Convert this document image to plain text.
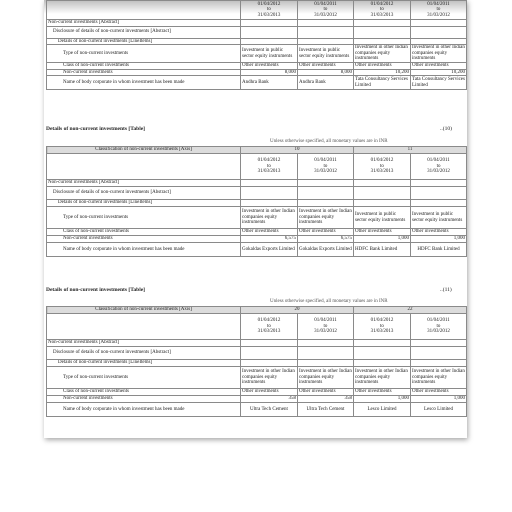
	01/04/2012
to
31/03/2013	01/04/2011
to
31/03/2012	01/04/2012
to
31/03/2013	01/04/2011
to
31/03/2012
Non-current investments [Abstract]				
Disclosure of details of non-current investments [Abstract]				
Details of non-current investments [LineItems]				
Type of non-current investments	Investment in public sector equity instruments	Investment in public sector equity instruments	Investment in other Indian companies equity instruments	Investment in other Indian companies equity instruments
Class of non-current investments	Other investments	Other investments	Other investments	Other investments
Non-current investments	8,000	8,000	10,200	10,200
Name of body corporate in whom investment has been made	Andhra Bank	Andhra Bank	Tata Consultancy Services Limited	Tata Consultancy Services Limited
Details of non-current investments [Table]	..(10)
Unless otherwise specified, all monetary values are in INR
Classification of non-current investments [Axis]	10		11	
	01/04/2012
to
31/03/2013	01/04/2011
to
31/03/2012	01/04/2012
to
31/03/2013	01/04/2011
to
31/03/2012
Non-current investments [Abstract]				
Disclosure of details of non-current investments [Abstract]				
Details of non-current investments [LineItems]				
Type of non-current investments	Investment in other Indian companies equity instruments	Investment in other Indian companies equity instruments	Investment in public sector equity instruments	Investment in public sector equity instruments
Class of non-current investments	Other investments	Other investments	Other investments	Other investments
Non-current investments	6,575	6,575	1,000	1,000
Name of body corporate in whom investment has been made	Gokaldas Exports Limited	Gokaldas Exports Limited	HDFC Bank Limited	HDFC Bank Limited
Details of non-current investments [Table]	..(11)
Unless otherwise specified, all monetary values are in INR
Classification of non-current investments [Axis]	20		22	
	01/04/2012
to
31/03/2013	01/04/2011
to
31/03/2012	01/04/2012
to
31/03/2013	01/04/2011
to
31/03/2012
Non-current investments [Abstract]				
Disclosure of details of non-current investments [Abstract]				
Details of non-current investments [LineItems]				
Type of non-current investments	Investment in other Indian companies equity instruments	Investment in other Indian companies equity instruments	Investment in other Indian companies equity instruments	Investment in other Indian companies equity instruments
Class of non-current investments	Other investments	Other investments	Other investments	Other investments
Non-current investments	358	358	1,000	1,000
Name of body corporate in whom investment has been made	Ultra Tech Cement	Ultra Tech Cement	Lesco Limited	Lesco Limited
